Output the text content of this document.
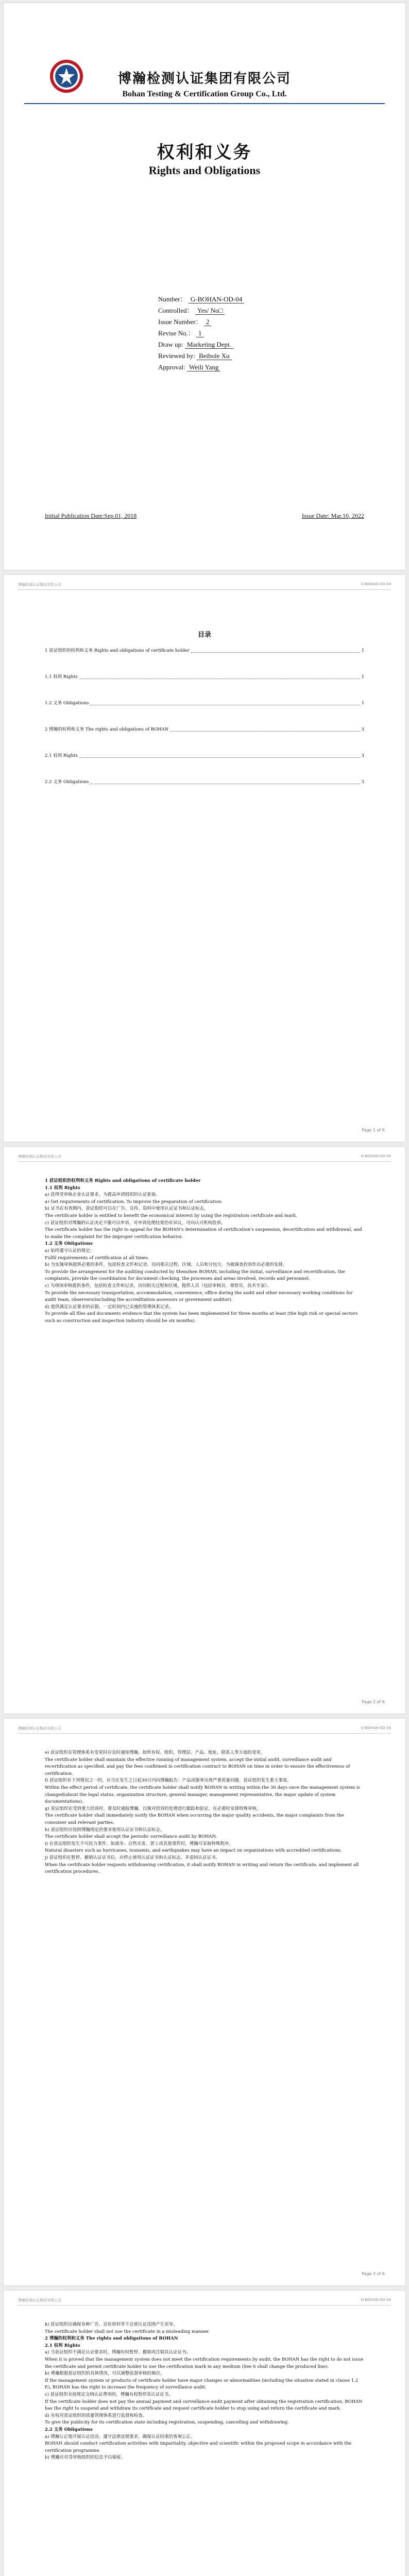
博瀚检测认证集团有限公司
Bohan Testing & Certification Group Co., Ltd.
权利和义务
Rights and Obligations
Number： G-BOHAN-OD-04
Controlled： Yes/ No□
Issue Number： 2
Revise No.： 1
Draw up: Marketing Dept.
Reviewed by: Beibole Xu
Approval: Weili Yang
Initial Publication Date:Sep.01, 2018	Issue Date: Mar.10, 2022
博瀚检测认证集团有限公司	G-BOHAN-OD-04
目录
1 获证组织的权利和义务 Rights and obligations of certificate holder	1
1.1 权利 Rights	1
1.2 义务 Obligations	1
2 博瀚的权利和义务 The rights and obligations of BOHAN	3
2.1 权利 Rights	3
2.2 义务 Obligations	3
Page 1 of 6
博瀚检测认证集团有限公司	G-BOHAN-OD-04

1 获证组织的权利和义务 Rights and obligations of certificate holder

1.1 权利 Rights

a) 获得受审核企业认证要求，为提高申请组织的认证准备。

a) Get requirements of certification, To ​improve the preparation of certification.

b) 证书在有效期内，获证组织可以在广告、宣传、资料中使用认证证书和认证标志，

The certificate holder is entitled to benefit the economical interest by using the registration certificate and mark.

c) 获证组织对博瀚的认证决定不服可以申诉，对申诉处理结果仍有异议，可向认可机构投诉。

The certificate holder has the right to appeal for the BOHAN's determination of certification's suspension, decertification and withdrawal, and to make the complaint for the improper certification behavior.

1.2 义务 Obligations

a) 始终遵守认证的规定；

Fulfil requirements of certification at all times.

b) 为实施审核提供必要的条件，包括检查文件和记录，访问相关过程、区域、人员和分包方，为被调查投诉作出必要的安排。

To provide the arrangement for the auditing conducted by Shenzhen BOHAN, including the initial, surveillance and recertification, the complaints, provide the coordination for document checking, the processes and areas involved, records and personnel.

c) 为现场审核提供条件，包括检查文件和记录，访问相关过程和区域，提供人员（包括审核员、观察员、技术专家）。

To provide the necessary transportation, accommodation, convenience, office during the audit and other necessary working conditions for audit team, observers(including the accreditation assessors or government auditor).

d) 提供满足认证要求的证据，一定时间内已实施的管理体系记录。

To provide all files and documents evidence that the system has been implemented for three months at least (the high risk or special sectors such as construction and inspection industry should be six months).

Page 2 of 6
博瀚检测认证集团有限公司	G-BOHAN-OD-04

e) 获证组织在管理体系有变更时应及时通知博瀚，如所有权、组织、管理层、产品、地址、联系人等方面的变更。

The certificate holder shall maintain the effective running of management system, accept the initial audit, surveillance audit and recertification as specified, and pay the fees confirmed in certification contract to BOHAN on time in order to ensure the effectiveness of certification.

f) 获证组织有下列情况之一的，应当在发生之日起30日内向博瀚报告：产品或服务出现严重质量问题、获证组织发生重大事故。

Within the effect period of certificate, the certificate holder shall notify BOHAN in writing within the 30 days once the management system is changed(about the legal status, organization structure, general manager, management representative, the major update of system documentations).

g) 获证组织在受到重大投诉时，要及时通报博瀚，以便对投诉的处理进行跟踪和验证，在必要时安排特殊审核。

The certificate holder shall immediately notify the BOHAN when occurring the major quality accidents, the major complaints from the consumer and relevant parties.

h) 获证组织应按照博瀚规定的要求使用认证证书和认证标志。

The certificate holder shall accept the periodic surveillance audit by BOHAN.

i) 在获证组织发生不可抗力事件、如战争、自然灾害、罢工或其他事件时，博瀚可采取特殊程序。

Natural disasters such as hurricanes, tsunamis, and earthquakes may have an impact on organizations with accredited certifications.

j) 获证组织在暂停、撤销认证证书后，应停止使用认证证书和认证标志，并退回认证证书。

When the certificate holder requests withdrawing certification, it shall notify BOHAN in writing and return the certificate, and implement all certification procedures.

Page 3 of 6
博瀚检测认证集团有限公司	G-BOHAN-OD-04

k) 获证组织应确保各种广告、宣传材料等不会使认证范围产生误导。

The certificate holder shall not use the certificate in a misleading manner.

2 博瀚的权利和义务 The rights and obligations of BOHAN

2.1 权利 Rights

a) 当获证组织不满足认证要求时，博瀚有权暂停、撤销或注销其认证证书。

When it is proved that the management system does not meet the certification requirements by audit, the BOHAN has the right to do not issue the certificate and permit certificate holder to use the certification mark in any medium (See 6 shall change the produced line).

b) 博瀚根据获证组织的具体情况，可以调整监督审核的频次。

If the management system or products of certificate holder have major changes or abnormalities (including the situation stated in clause 1.2 E), BOHAN has the right to increase the frequency of surveillance audit.

c) 获证组织未按规定交纳认证费用的，博瀚有权暂停其认证证书。

If the certificate holder does not pay the annual payment and surveillance audit payment after obtaining the registration certification, BOHAN has the right to suspend and withdraw its certificate and request certificate holder to stop using and return the certificate and mark.

d) 有权对获证组织的质量管理体系进行监督和检查。

To give the publicity for its certification state including registration, suspending, cancelling and withdrawing.

2.2 义务 Obligations

a) 博瀚公正地开展认证活动，遵守法律法规要求，确保认证结果的客观公正。

BOHAN should conduct certification activities with impartiality, objective and scientific within the proposed scope in accordance with the certification programme.

b) 博瀚应对受审核组织的信息予以保密。
